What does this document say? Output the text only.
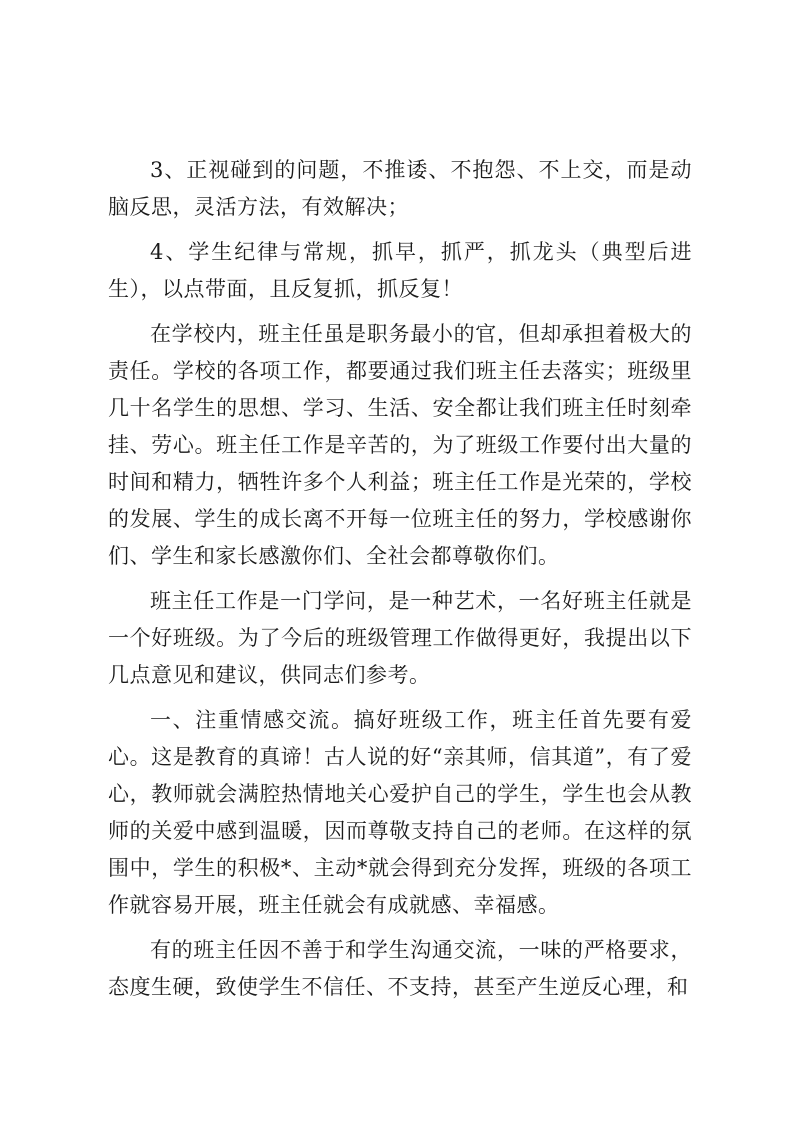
3、正视碰到的问题，不推诿、不抱怨、不上交，而是动脑反思，灵活方法，有效解决；

4、学生纪律与常规，抓早，抓严，抓龙头（典型后进生），以点带面，且反复抓，抓反复！

在学校内，班主任虽是职务最小的官，但却承担着极大的责任。学校的各项工作，都要通过我们班主任去落实；班级里几十名学生的思想、学习、生活、安全都让我们班主任时刻牵挂、劳心。班主任工作是辛苦的，为了班级工作要付出大量的时间和精力，牺牲许多个人利益；班主任工作是光荣的，学校的发展、学生的成长离不开每一位班主任的努力，学校感谢你们、学生和家长感激你们、全社会都尊敬你们。

班主任工作是一门学问，是一种艺术，一名好班主任就是一个好班级。为了今后的班级管理工作做得更好，我提出以下几点意见和建议，供同志们参考。

一、注重情感交流。搞好班级工作，班主任首先要有爱心。这是教育的真谛！古人说的好“亲其师，信其道”，有了爱心，教师就会满腔热情地关心爱护自己的学生，学生也会从教师的关爱中感到温暖，因而尊敬支持自己的老师。在这样的氛围中，学生的积极*、主动*就会得到充分发挥，班级的各项工作就容易开展，班主任就会有成就感、幸福感。

有的班主任因不善于和学生沟通交流，一味的严格要求，态度生硬，致使学生不信任、不支持，甚至产生逆反心理，和
